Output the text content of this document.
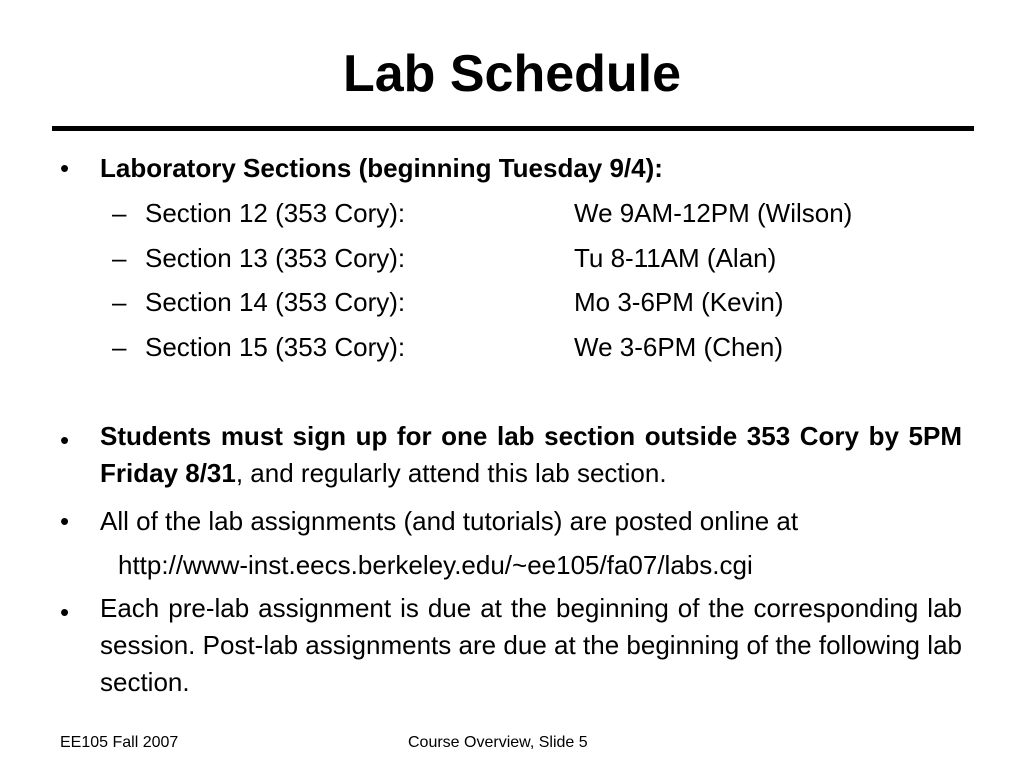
Lab Schedule
•	Laboratory Sections (beginning Tuesday 9/4):
– Section 12 (353 Cory):	We 9AM-12PM (Wilson)
– Section 13 (353 Cory):	Tu 8-11AM (Alan)
– Section 14 (353 Cory):	Mo 3-6PM (Kevin)
– Section 15 (353 Cory):	We 3-6PM (Chen)
•	Students must sign up for one lab section outside 353 Cory by 5PM Friday 8/31, and regularly attend this lab section.
•	All of the lab assignments (and tutorials) are posted online at
http://www-inst.eecs.berkeley.edu/~ee105/fa07/labs.cgi
•	Each pre-lab assignment is due at the beginning of the corresponding lab session. Post-lab assignments are due at the beginning of the following lab section.
EE105 Fall 2007	Course Overview, Slide 5
